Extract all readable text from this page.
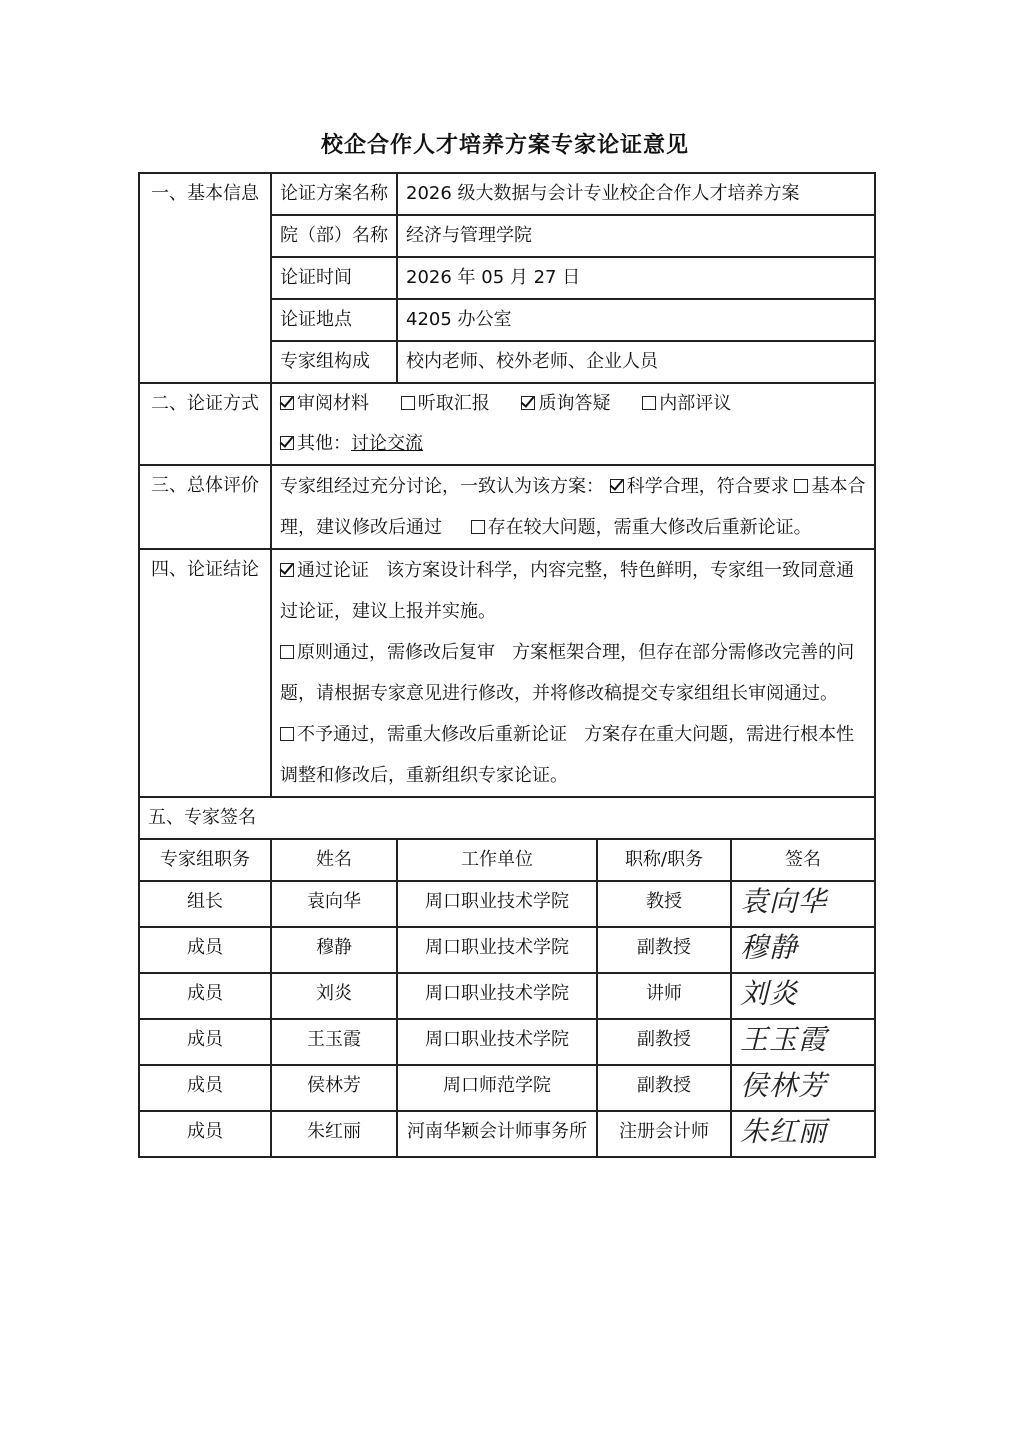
校企合作人才培养方案专家论证意见
一、基本信息	论证方案名称	2026 级大数据与会计专业校企合作人才培养方案		
	院（部）名称	经济与管理学院		
	论证时间	2026 年 05 月 27 日		
	论证地点	4205 办公室		
	专家组构成	校内老师、校外老师、企业人员		
二、论证方式	审阅材料 听取汇报 质询答疑 内部评议
其他：讨论交流			

三、总体评价	专家组经过充分讨论，一致认为该方案： 科学合理，符合要求 基本合理，建议修改后通过 存在较大问题，需重大修改后重新论证。			
四、论证结论	通过论证 该方案设计科学，内容完整，特色鲜明，专家组一致同意通过论证，建议上报并实施。
原则通过，需修改后复审 方案框架合理，但存在部分需修改完善的问题，请根据专家意见进行修改，并将修改稿提交专家组组长审阅通过。
不予通过，需重大修改后重新论证 方案存在重大问题，需进行根本性调整和修改后，重新组织专家论证。			

五、专家签名				
专家组职务	姓名	工作单位	职称/职务	签名
组长	袁向华	周口职业技术学院	教授	袁向华
成员	穆静	周口职业技术学院	副教授	穆静
成员	刘炎	周口职业技术学院	讲师	刘炎
成员	王玉霞	周口职业技术学院	副教授	王玉霞
成员	侯林芳	周口师范学院	副教授	侯林芳
成员	朱红丽	河南华颖会计师事务所	注册会计师	朱红丽
